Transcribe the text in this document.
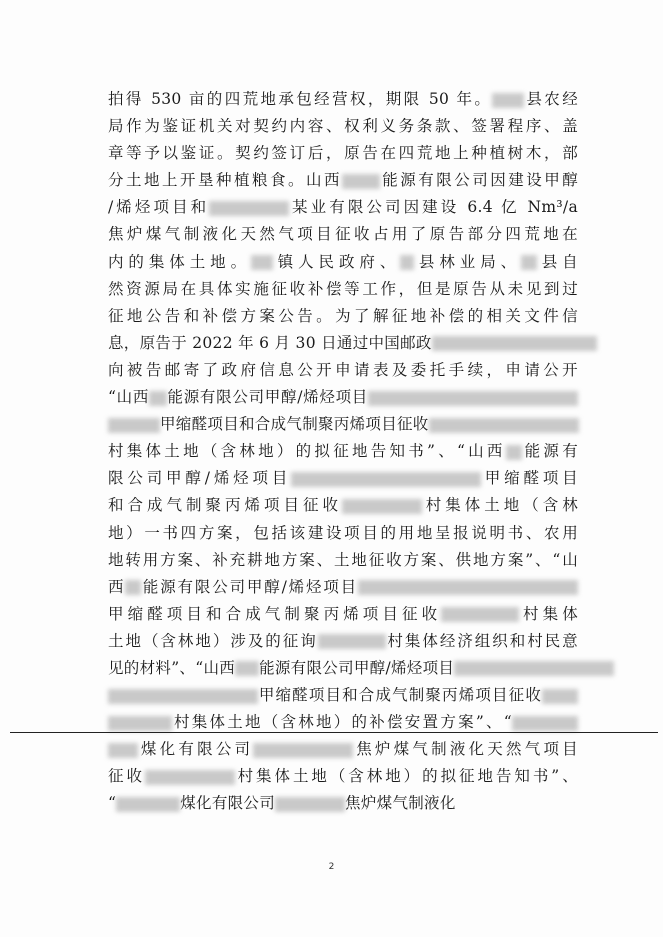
拍得 530 亩的四荒地承包经营权，期限 50 年。 县农经
局作为鉴证机关对契约内容、权利义务条款、签署程序、盖
章等予以鉴证。契约签订后，原告在四荒地上种植树木，部
分土地上开垦种植粮食。山西 能源有限公司因建设甲醇
/烯烃项目和	某业有限公司因建设 6.4 亿 Nm³/a
焦炉煤气制液化天然气项目征收占用了原告部分四荒地在
内的集体土地。 镇人民政府、 县林业局、 县自
然资源局在具体实施征收补偿等工作，但是原告从未见到过
征地公告和补偿方案公告。为了解征地补偿的相关文件信
息，原告于 2022 年 6 月 30 日通过中国邮政
向被告邮寄了政府信息公开申请表及委托手续，申请公开
“山西 能源有限公司甲醇/烯烃项目
甲缩醛项目和合成气制聚丙烯项目征收
村集体土地（含林地）的拟征地告知书”、“山西 能源有
限公司甲醇/烯烃项目	甲缩醛项目
和合成气制聚丙烯项目征收	村集体土地（含林
地）一书四方案，包括该建设项目的用地呈报说明书、农用
地转用方案、补充耕地方案、土地征收方案、供地方案”、“山
西 能源有限公司甲醇/烯烃项目
甲缩醛项目和合成气制聚丙烯项目征收	村集体
土地（含林地）涉及的征询	村集体经济组织和村民意
见的材料”、“山西 能源有限公司甲醇/烯烃项目
甲缩醛项目和合成气制聚丙烯项目征收
村集体土地（含林地）的补偿安置方案”、“
煤化有限公司	焦炉煤气制液化天然气项目
征收	村集体土地（含林地）的拟征地告知书”、
“	煤化有限公司	焦炉煤气制液化
2
